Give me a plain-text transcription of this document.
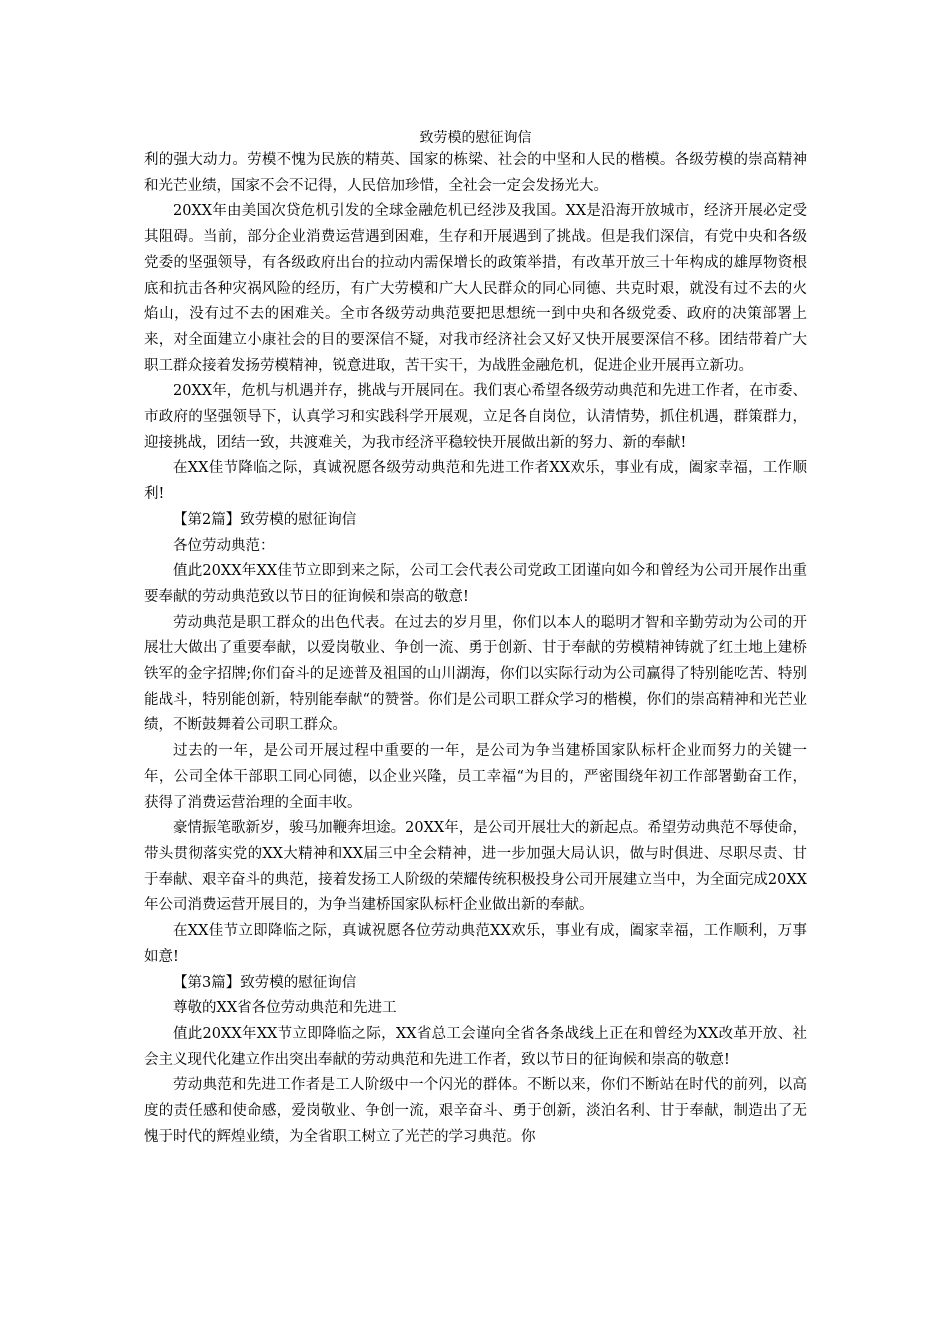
致劳模的慰征询信

利的强大动力。劳模不愧为民族的精英、国家的栋梁、社会的中坚和人民的楷模。各级劳模的崇高精神和光芒业绩，国家不会不记得，人民倍加珍惜，全社会一定会发扬光大。

20XX年由美国次贷危机引发的全球金融危机已经涉及我国。XX是沿海开放城市，经济开展必定受其阻碍。当前，部分企业消费运营遇到困难，生存和开展遇到了挑战。但是我们深信，有党中央和各级党委的坚强领导，有各级政府出台的拉动内需保增长的政策举措，有改革开放三十年构成的雄厚物资根底和抗击各种灾祸风险的经历，有广大劳模和广大人民群众的同心同德、共克时艰，就没有过不去的火焰山，没有过不去的困难关。全市各级劳动典范要把思想统一到中央和各级党委、政府的决策部署上来，对全面建立小康社会的目的要深信不疑，对我市经济社会又好又快开展要深信不移。团结带着广大职工群众接着发扬劳模精神，锐意进取，苦干实干，为战胜金融危机，促进企业开展再立新功。

20XX年，危机与机遇并存，挑战与开展同在。我们衷心希望各级劳动典范和先进工作者，在市委、市政府的坚强领导下，认真学习和实践科学开展观，立足各自岗位，认清情势，抓住机遇，群策群力，迎接挑战，团结一致，共渡难关，为我市经济平稳较快开展做出新的努力、新的奉献!

在XX佳节降临之际，真诚祝愿各级劳动典范和先进工作者XX欢乐，事业有成，阖家幸福，工作顺利!

【第2篇】致劳模的慰征询信

各位劳动典范：

值此20XX年XX佳节立即到来之际，公司工会代表公司党政工团谨向如今和曾经为公司开展作出重要奉献的劳动典范致以节日的征询候和崇高的敬意!

劳动典范是职工群众的出色代表。在过去的岁月里，你们以本人的聪明才智和辛勤劳动为公司的开展壮大做出了重要奉献，以爱岗敬业、争创一流、勇于创新、甘于奉献的劳模精神铸就了红土地上建桥铁军的金字招牌;你们奋斗的足迹普及祖国的山川湖海，你们以实际行动为公司赢得了特别能吃苦、特别能战斗，特别能创新，特别能奉献“的赞誉。你们是公司职工群众学习的楷模，你们的崇高精神和光芒业绩，不断鼓舞着公司职工群众。

过去的一年，是公司开展过程中重要的一年，是公司为争当建桥国家队标杆企业而努力的关键一年，公司全体干部职工同心同德，以企业兴隆，员工幸福“为目的，严密围绕年初工作部署勤奋工作， 获得了消费运营治理的全面丰收。

豪情振笔歌新岁，骏马加鞭奔坦途。20XX年，是公司开展壮大的新起点。希望劳动典范不辱使命，带头贯彻落实党的XX大精神和XX届三中全会精神，进一步加强大局认识，做与时俱进、尽职尽责、甘于奉献、艰辛奋斗的典范，接着发扬工人阶级的荣耀传统积极投身公司开展建立当中，为全面完成20XX年公司消费运营开展目的，为争当建桥国家队标杆企业做出新的奉献。

在XX佳节立即降临之际，真诚祝愿各位劳动典范XX欢乐，事业有成，阖家幸福，工作顺利，万事如意!

【第3篇】致劳模的慰征询信

尊敬的XX省各位劳动典范和先进工

值此20XX年XX节立即降临之际，XX省总工会谨向全省各条战线上正在和曾经为XX改革开放、社会主义现代化建立作出突出奉献的劳动典范和先进工作者，致以节日的征询候和崇高的敬意!

劳动典范和先进工作者是工人阶级中一个闪光的群体。不断以来，你们不断站在时代的前列，以高度的责任感和使命感，爱岗敬业、争创一流，艰辛奋斗、勇于创新，淡泊名利、甘于奉献，制造出了无愧于时代的辉煌业绩，为全省职工树立了光芒的学习典范。你
